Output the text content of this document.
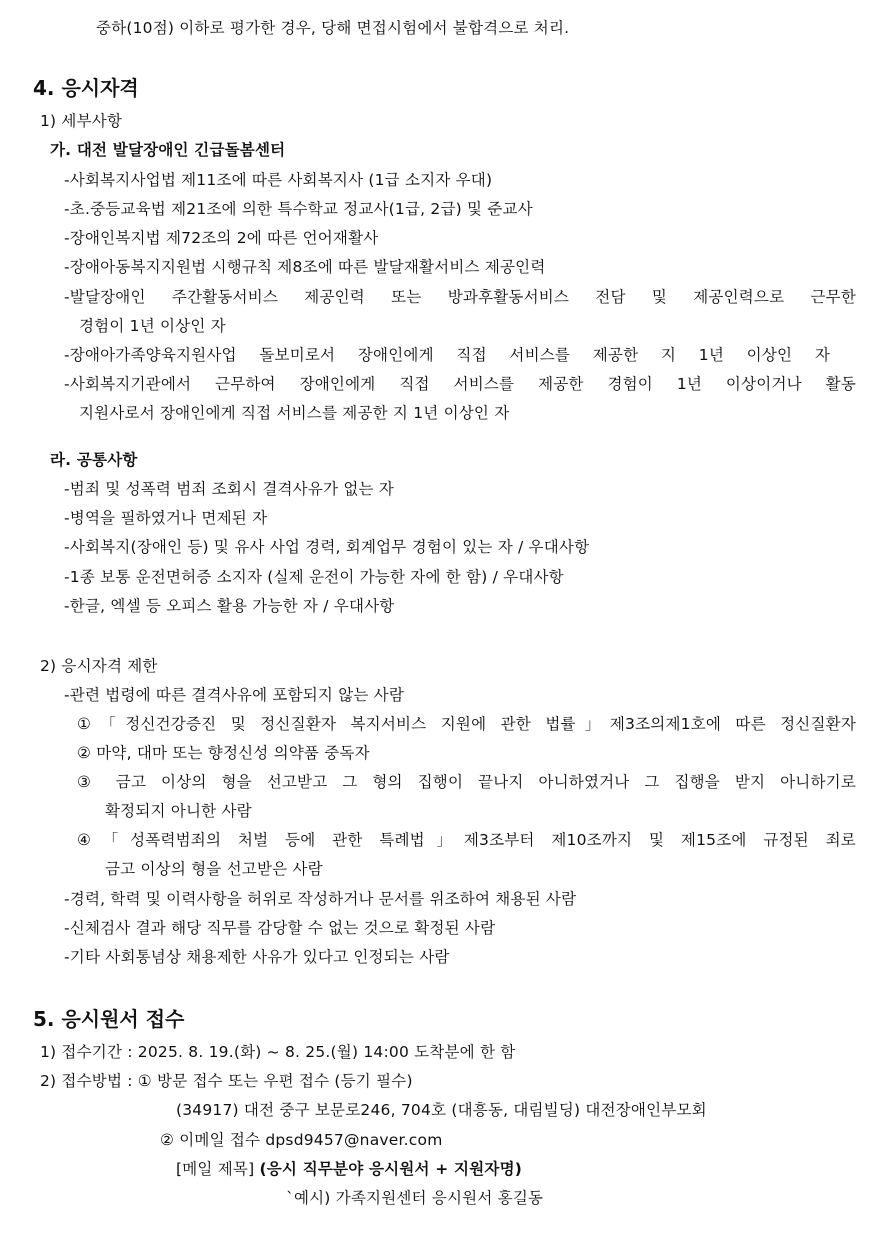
중하(10점) 이하로 평가한 경우, 당해 면접시험에서 불합격으로 처리.
4. 응시자격
1) 세부사항
가. 대전 발달장애인 긴급돌봄센터
-사회복지사업법 제11조에 따른 사회복지사 (1급 소지자 우대)
-초.중등교육법 제21조에 의한 특수학교 정교사(1급, 2급) 및 준교사
-장애인복지법 제72조의 2에 따른 언어재활사
-장애아동복지지원법 시행규칙 제8조에 따른 발달재활서비스 제공인력
-발달장애인 주간활동서비스 제공인력 또는 방과후활동서비스 전담 및 제공인력으로 근무한
경험이 1년 이상인 자
-장애아가족양육지원사업 돌보미로서 장애인에게 직접 서비스를 제공한 지 1년 이상인 자
-사회복지기관에서 근무하여 장애인에게 직접 서비스를 제공한 경험이 1년 이상이거나 활동
지원사로서 장애인에게 직접 서비스를 제공한 지 1년 이상인 자
라. 공통사항
-범죄 및 성폭력 범죄 조회시 결격사유가 없는 자
-병역을 필하였거나 면제된 자
-사회복지(장애인 등) 및 유사 사업 경력, 회계업무 경험이 있는 자 / 우대사항
-1종 보통 운전면허증 소지자 (실제 운전이 가능한 자에 한 함) / 우대사항
-한글, 엑셀 등 오피스 활용 가능한 자 / 우대사항
2) 응시자격 제한
-관련 법령에 따른 결격사유에 포함되지 않는 사람
①「정신건강증진 및 정신질환자 복지서비스 지원에 관한 법률」제3조의제1호에 따른 정신질환자
② 마약, 대마 또는 향정신성 의약품 중독자
③ 금고 이상의 형을 선고받고 그 형의 집행이 끝나지 아니하였거나 그 집행을 받지 아니하기로
확정되지 아니한 사람
④「성폭력범죄의 처벌 등에 관한 특례법」제3조부터 제10조까지 및 제15조에 규정된 죄로
금고 이상의 형을 선고받은 사람
-경력, 학력 및 이력사항을 허위로 작성하거나 문서를 위조하여 채용된 사람
-신체검사 결과 해당 직무를 감당할 수 없는 것으로 확정된 사람
-기타 사회통념상 채용제한 사유가 있다고 인정되는 사람
5. 응시원서 접수
1) 접수기간 : 2025. 8. 19.(화) ~ 8. 25.(월) 14:00 도착분에 한 함
2) 접수방법 : ① 방문 접수 또는 우편 접수 (등기 필수)
(34917) 대전 중구 보문로246, 704호 (대흥동, 대림빌딩) 대전장애인부모회
② 이메일 접수 dpsd9457@naver.com
[메일 제목] (응시 직무분야 응시원서 + 지원자명)
`예시) 가족지원센터 응시원서 홍길동
